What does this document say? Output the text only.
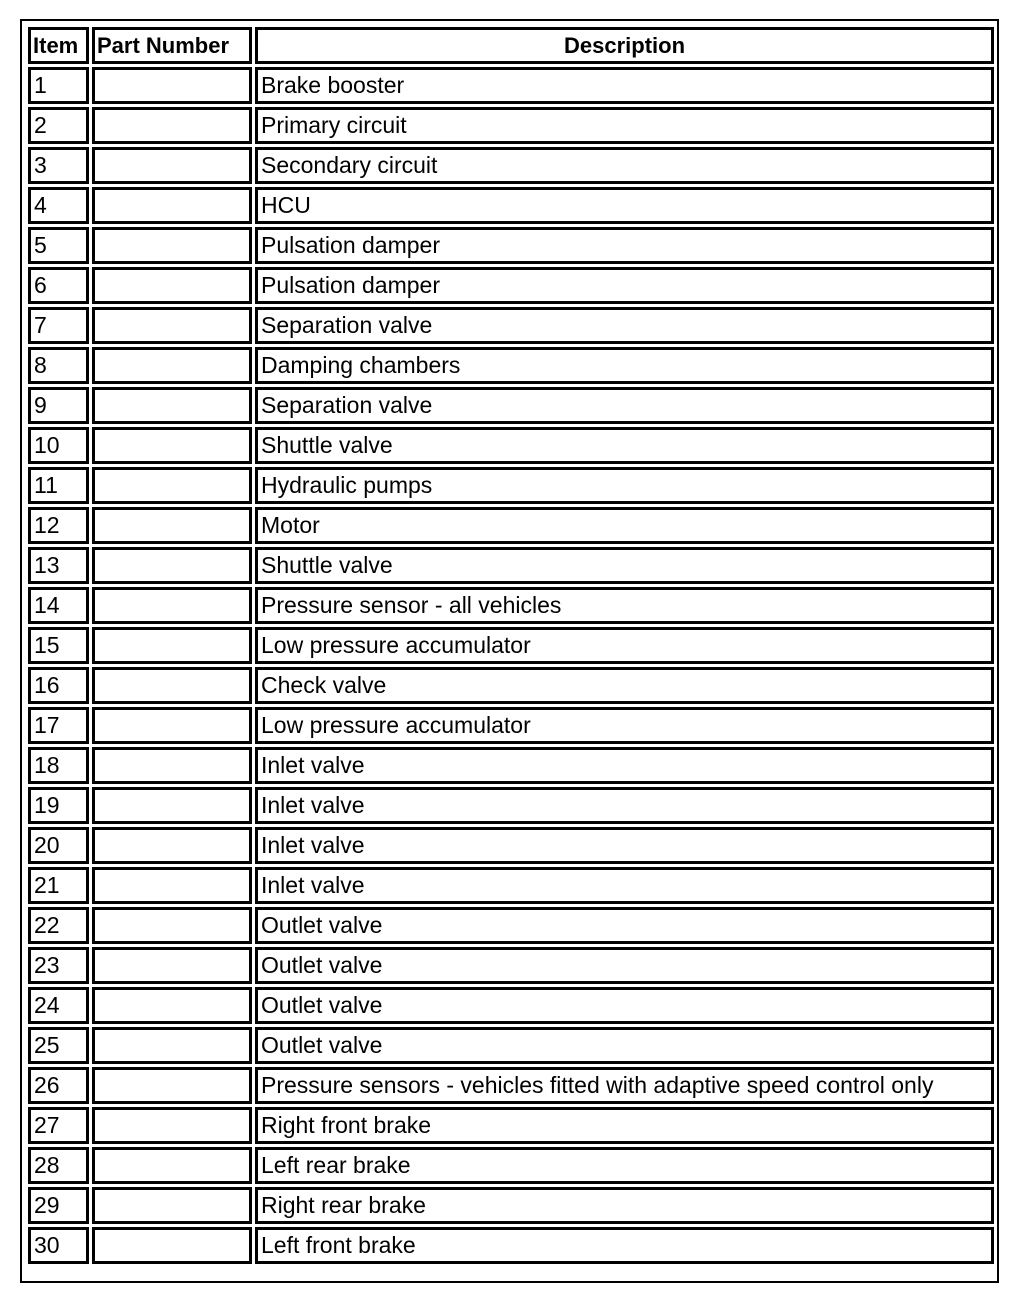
Item	Part Number	Description
1		Brake booster
2		Primary circuit
3		Secondary circuit
4		HCU
5		Pulsation damper
6		Pulsation damper
7		Separation valve
8		Damping chambers
9		Separation valve
10		Shuttle valve
11		Hydraulic pumps
12		Motor
13		Shuttle valve
14		Pressure sensor - all vehicles
15		Low pressure accumulator
16		Check valve
17		Low pressure accumulator
18		Inlet valve
19		Inlet valve
20		Inlet valve
21		Inlet valve
22		Outlet valve
23		Outlet valve
24		Outlet valve
25		Outlet valve
26		Pressure sensors - vehicles fitted with adaptive speed control only
27		Right front brake
28		Left rear brake
29		Right rear brake
30		Left front brake
